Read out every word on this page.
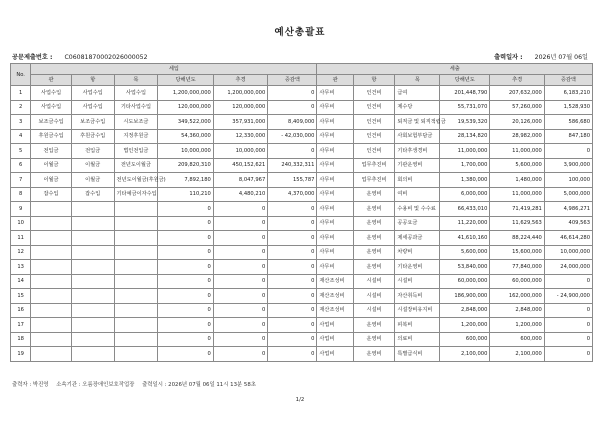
예산총괄표
공문제출번호 : C06081870002026000052	출력일자 : 2026년 07월 06일
No.	세입						세출					
	관	항	목	당해년도	추경	증감액	관	항	목	당해년도	추경	증감액
1	사업수입	사업수입	사업수입	1,200,000,000	1,200,000,000	0	사무비	인건비	급여	201,448,790	207,632,000	6,183,210
2	사업수입	사업수입	기타사업수입	120,000,000	120,000,000	0	사무비	인건비	제수당	55,731,070	57,260,000	1,528,930
3	보조금수입	보조금수입	시도보조금	349,522,000	357,931,000	8,409,000	사무비	인건비	퇴직금 및 퇴직적립금	19,539,320	20,126,000	586,680
4	후원금수입	후원금수입	지정후원금	54,360,000	12,330,000	- 42,030,000	사무비	인건비	사회보험부담금	28,134,820	28,982,000	847,180
5	전입금	전입금	법인전입금	10,000,000	10,000,000	0	사무비	인건비	기타후생경비	11,000,000	11,000,000	0
6	이월금	이월금	전년도이월금	209,820,310	450,152,621	240,332,311	사무비	업무추진비	기관운영비	1,700,000	5,600,000	3,900,000
7	이월금	이월금	전년도이월금(후원금)	7,892,180	8,047,967	155,787	사무비	업무추진비	회의비	1,380,000	1,480,000	100,000
8	잡수입	잡수입	기타예금이자수입	110,210	4,480,210	4,370,000	사무비	운영비	여비	6,000,000	11,000,000	5,000,000
9				0	0	0	사무비	운영비	수용비 및 수수료	66,433,010	71,419,281	4,986,271
10				0	0	0	사무비	운영비	공공요금	11,220,000	11,629,563	409,563
11				0	0	0	사무비	운영비	제세공과금	41,610,160	88,224,440	46,614,280
12				0	0	0	사무비	운영비	차량비	5,600,000	15,600,000	10,000,000
13				0	0	0	사무비	운영비	기타운영비	53,840,000	77,840,000	24,000,000
14				0	0	0	재산조성비	시설비	시설비	60,000,000	60,000,000	0
15				0	0	0	재산조성비	시설비	자산취득비	186,900,000	162,000,000	- 24,900,000
16				0	0	0	재산조성비	시설비	시설장비유지비	2,848,000	2,848,000	0
17				0	0	0	사업비	운영비	피복비	1,200,000	1,200,000	0
18				0	0	0	사업비	운영비	의료비	600,000	600,000	0
19				0	0	0	사업비	운영비	특별급식비	2,100,000	2,100,000	0
출력자 : 박진영 소속기관 : 오름장애인보호작업장 출력일시 : 2026년 07월 06일 11시 13분 58초
1/2
